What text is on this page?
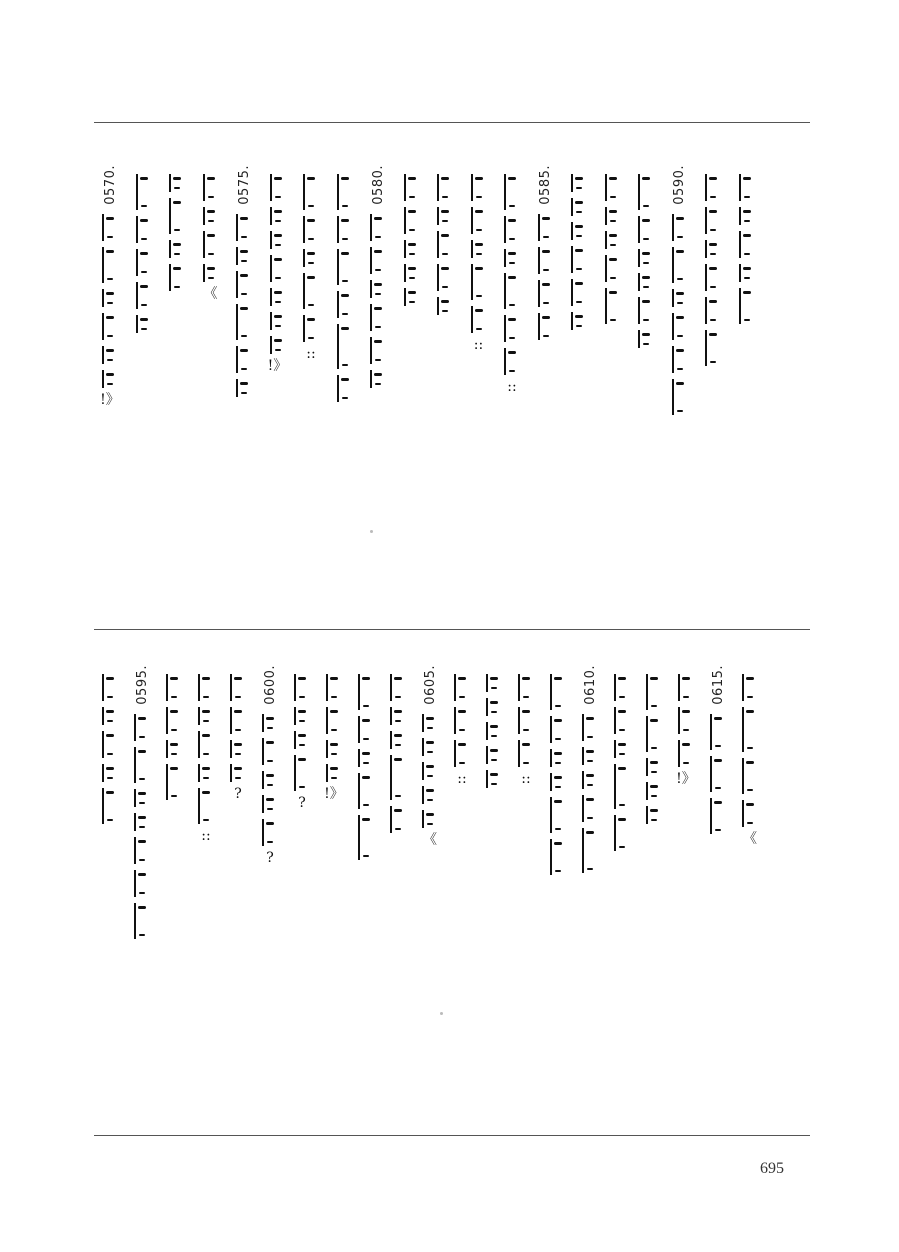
0570.
!》
《
0575.
!》
::
0580.
::
::
0585.	0590.
0595.
::
?
0600.
?
?
!》
0605.
《
::	::
0610.
!》
0615.
《
695
